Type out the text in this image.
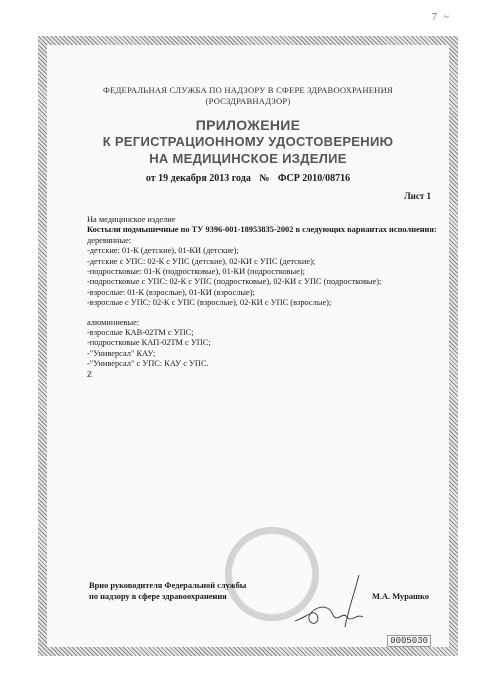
7 ~
ФЕДЕРАЛЬНАЯ СЛУЖБА ПО НАДЗОРУ В СФЕРЕ ЗДРАВООХРАНЕНИЯ
(РОСЗДРАВНАДЗОР)
ПРИЛОЖЕНИЕ
К РЕГИСТРАЦИОННОМУ УДОСТОВЕРЕНИЮ
НА МЕДИЦИНСКОЕ ИЗДЕЛИЕ
от 19 декабря 2013 года № ФСР 2010/08716
Лист 1
На медицинское изделие
Костыли подмышечные по ТУ 9396-001-18953835-2002 в следующих вариантах исполнения:
деревянные:
-детские: 01-К (детские), 01-КИ (детские);
-детские с УПС: 02-К с УПС (детские), 02-КИ с УПС (детские);
-подростковые: 01-К (подростковые), 01-КИ (подростковые);
-подростковые с УПС: 02-К с УПС (подростковые), 02-КИ с УПС (подростковые);
-взрослые: 01-К (взрослые), 01-КИ (взрослые);
-взрослые с УПС: 02-К с УПС (взрослые), 02-КИ с УПС (взрослые);
алюминиевые:
-взрослые КАВ-02ТМ с УПС;
-подростковые КАП-02ТМ с УПС;
-"Универсал" КАУ;
-"Универсал" с УПС: КАУ с УПС.
Z
Врио руководителя Федеральной службы
по надзору в сфере здравоохранения	М.А. Мурашко
0005030
